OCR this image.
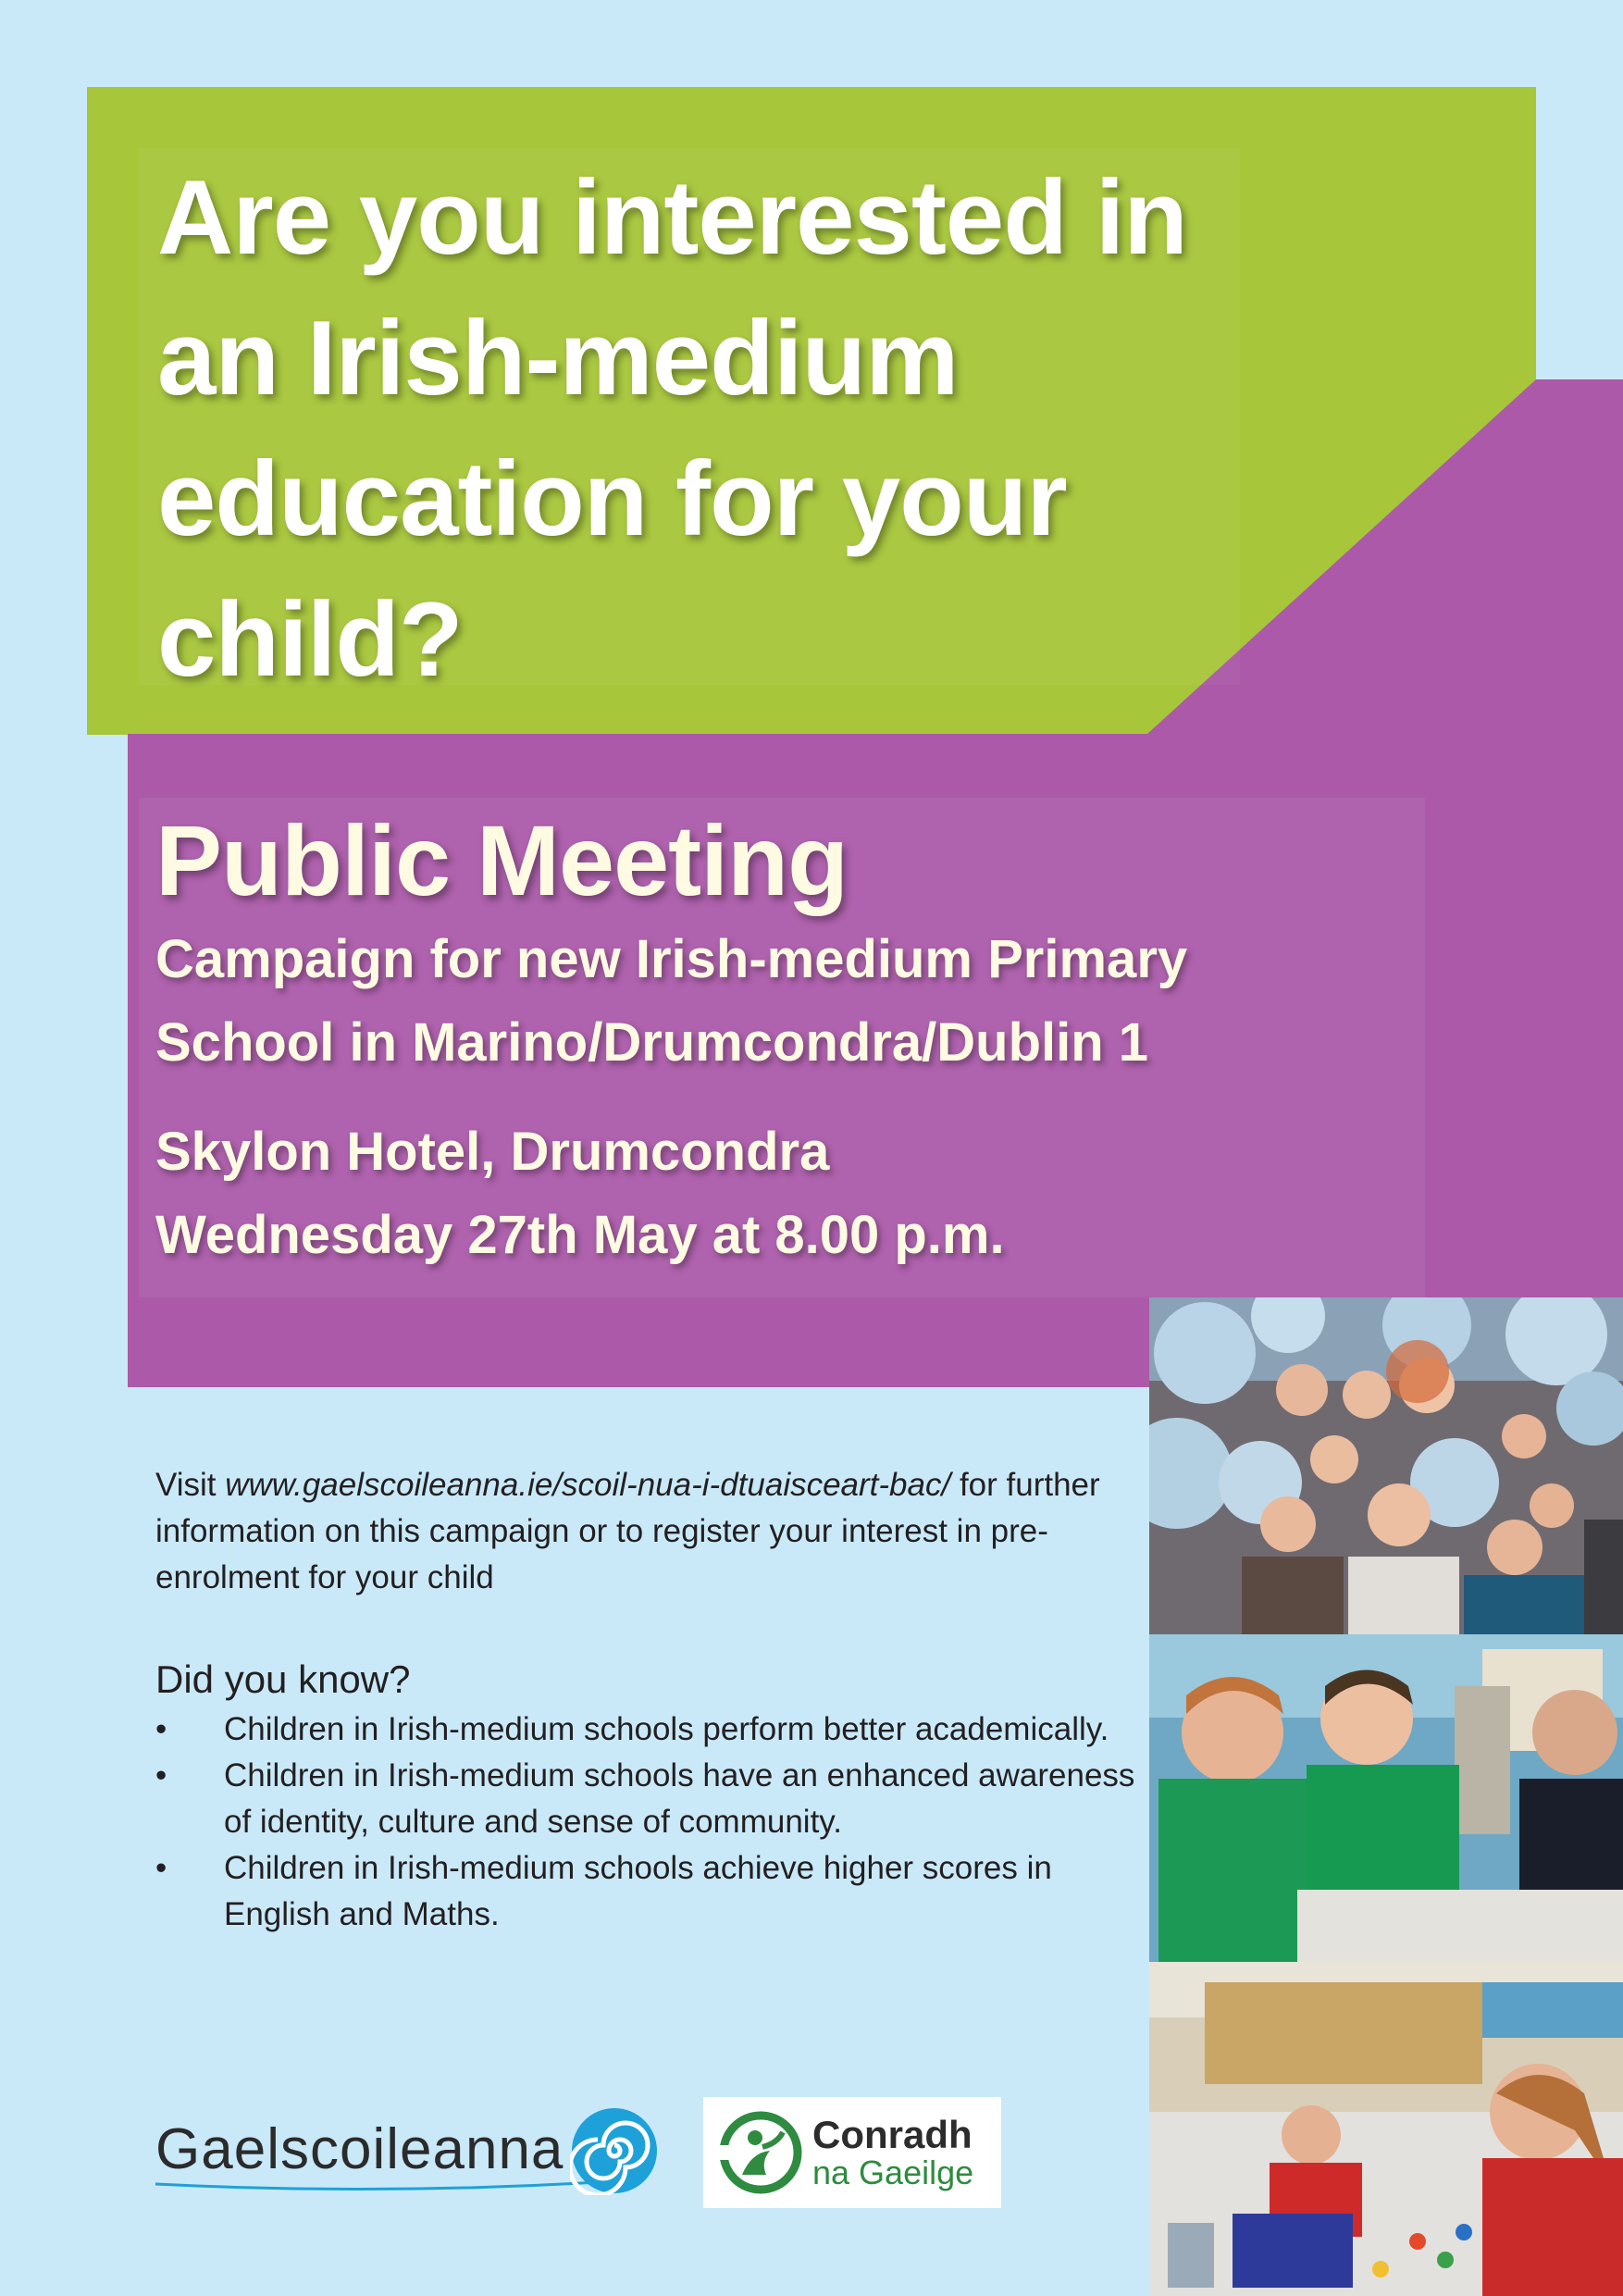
Are you interested in an Irish-medium education for your child?
Public Meeting
Campaign for new Irish-medium Primary
School in Marino/Drumcondra/Dublin 1
Skylon Hotel, Drumcondra
Wednesday 27th May at 8.00 p.m.

Visit www.gaelscoileanna.ie/scoil-nua-i-dtuaisceart-bac/ for further information on this campaign or to register your interest in pre-enrolment for your child

Did you know?
• Children in Irish-medium schools perform better academically.
• Children in Irish-medium schools have an enhanced awareness of identity, culture and sense of community.
• Children in Irish-medium schools achieve higher scores in English and Maths.
Gaelscoileanna	Conradh
na Gaeilge
